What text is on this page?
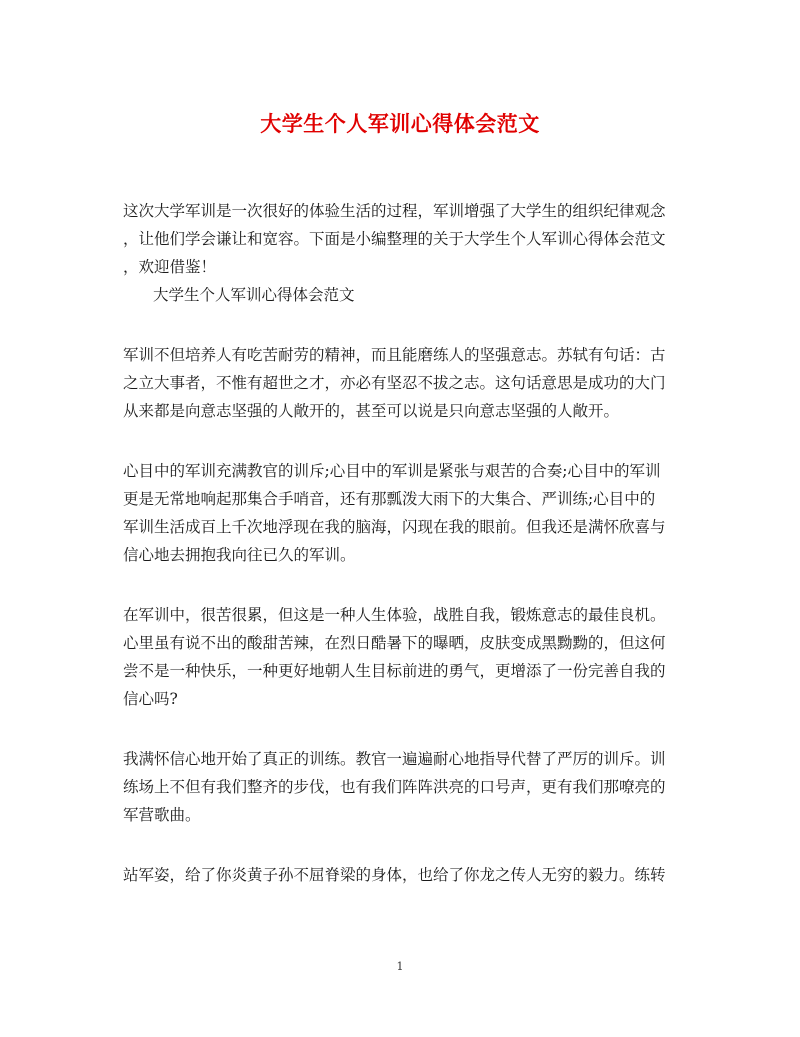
大学生个人军训心得体会范文
这次大学军训是一次很好的体验生活的过程，军训增强了大学生的组织纪律观念
，让他们学会谦让和宽容。下面是小编整理的关于大学生个人军训心得体会范文
，欢迎借鉴！
大学生个人军训心得体会范文
军训不但培养人有吃苦耐劳的精神，而且能磨练人的坚强意志。苏轼有句话：古
之立大事者，不惟有超世之才，亦必有坚忍不拔之志。这句话意思是成功的大门
从来都是向意志坚强的人敞开的，甚至可以说是只向意志坚强的人敞开。
心目中的军训充满教官的训斥;心目中的军训是紧张与艰苦的合奏;心目中的军训
更是无常地响起那集合手哨音，还有那瓢泼大雨下的大集合、严训练;心目中的
军训生活成百上千次地浮现在我的脑海，闪现在我的眼前。但我还是满怀欣喜与
信心地去拥抱我向往已久的军训。
在军训中，很苦很累，但这是一种人生体验，战胜自我，锻炼意志的最佳良机。
心里虽有说不出的酸甜苦辣，在烈日酷暑下的曝晒，皮肤变成黑黝黝的，但这何
尝不是一种快乐，一种更好地朝人生目标前进的勇气，更增添了一份完善自我的
信心吗?
我满怀信心地开始了真正的训练。教官一遍遍耐心地指导代替了严厉的训斥。训
练场上不但有我们整齐的步伐，也有我们阵阵洪亮的口号声，更有我们那嘹亮的
军营歌曲。
站军姿，给了你炎黄子孙不屈脊梁的身体，也给了你龙之传人无穷的毅力。练转
1
